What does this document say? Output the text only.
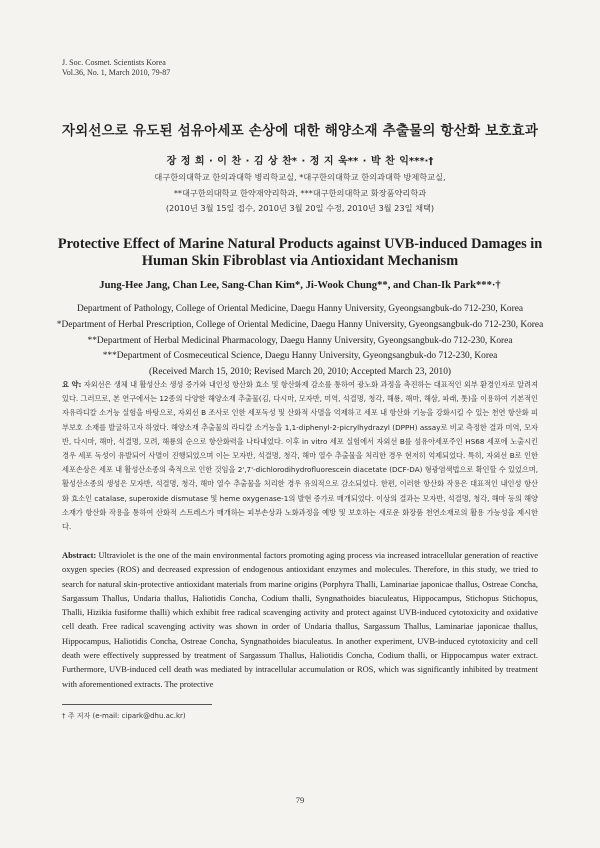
J. Soc. Cosmet. Scientists Korea
Vol.36, No. 1, March 2010, 79-87
자외선으로 유도된 섬유아세포 손상에 대한 해양소재 추출물의 항산화 보호효과
장 정 희 · 이 찬 · 김 상 찬* · 정 지 욱** · 박 찬 익***·†
대구한의대학교 한의과대학 병리학교실, *대구한의대학교 한의과대학 방제학교실,
**대구한의대학교 한약재약리학과, ***대구한의대학교 화장품약리학과
(2010년 3월 15일 접수, 2010년 3월 20일 수정, 2010년 3월 23일 채택)
Protective Effect of Marine Natural Products against UVB-induced Damages in
Human Skin Fibroblast via Antioxidant Mechanism
Jung-Hee Jang, Chan Lee, Sang-Chan Kim*, Ji-Wook Chung**, and Chan-Ik Park***·†
Department of Pathology, College of Oriental Medicine, Daegu Hanny University, Gyeongsangbuk-do 712-230, Korea
*Department of Herbal Prescription, College of Oriental Medicine, Daegu Hanny University, Gyeongsangbuk-do 712-230, Korea
**Department of Herbal Medicinal Pharmacology, Daegu Hanny University, Gyeongsangbuk-do 712-230, Korea
***Department of Cosmeceutical Science, Daegu Hanny University, Gyeongsangbuk-do 712-230, Korea
(Received March 15, 2010; Revised March 20, 2010; Accepted March 23, 2010)
요 약: 자외선은 생체 내 활성산소 생성 증가와 내인성 항산화 효소 및 항산화제 감소를 통하여 광노화 과정을 촉진하는 대표적인 외부 환경인자로 알려져 있다. 그러므로, 본 연구에서는 12종의 다양한 해양소재 추출물(김, 다시마, 모자반, 미역, 석결명, 청각, 해룡, 해마, 해삼, 파래, 톳)을 이용하여 기본적인 자유라디칼 소거능 실험을 바탕으로, 자외선 B 조사로 인한 세포독성 및 산화적 사멸을 억제하고 세포 내 항산화 기능을 강화시킬 수 있는 천연 항산화 피부보호 소재를 발굴하고자 하였다. 해양소재 추출물의 라디칼 소거능을 1,1-diphenyl-2-picrylhydrazyl (DPPH) assay로 비교 측정한 결과 미역, 모자반, 다시마, 해마, 석결명, 모려, 해룡의 순으로 항산화력을 나타내었다. 이후 in vitro 세포 실험에서 자외선 B를 섬유아세포주인 HS68 세포에 노출시킨 경우 세포 독성이 유발되어 사멸이 진행되었으며 이는 모자반, 석결명, 청각, 해마 열수 추출물을 처리한 경우 현저히 억제되었다. 특히, 자외선 B로 인한 세포손상은 세포 내 활성산소종의 축적으로 인한 것임을 2',7'-dichlorodihydrofluorescein diacetate (DCF-DA) 형광염색법으로 확인할 수 있었으며, 활성산소종의 생성은 모자반, 석결명, 청각, 해마 열수 추출물을 처리한 경우 유의적으로 감소되었다. 한편, 이러한 항산화 작용은 대표적인 내인성 항산화 효소인 catalase, superoxide dismutase 및 heme oxygenase-1의 발현 증가로 매개되었다. 이상의 결과는 모자반, 석결명, 청각, 해마 등의 해양소재가 항산화 작용을 통하여 산화적 스트레스가 매개하는 피부손상과 노화과정을 예방 및 보호하는 새로운 화장품 천연소재로의 활용 가능성을 제시한다.
Abstract: Ultraviolet is the one of the main environmental factors promoting aging process via increased intracellular generation of reactive oxygen species (ROS) and decreased expression of endogenous antioxidant enzymes and molecules. Therefore, in this study, we tried to search for natural skin-protective antioxidant materials from marine origins (Porphyra Thalli, Laminariae japonicae thallus, Ostreae Concha, Sargassum Thallus, Undaria thallus, Haliotidis Concha, Codium thalli, Syngnathoides biaculeatus, Hippocampus, Stichopus Stichopus, Thalli, Hizikia fusiforme thalli) which exhibit free radical scavenging activity and protect against UVB-induced cytotoxicity and oxidative cell death. Free radical scavenging activity was shown in order of Undaria thallus, Sargassum Thallus, Laminariae japonicae thallus, Hippocampus, Haliotidis Concha, Ostreae Concha, Syngnathoides biaculeatus. In another experiment, UVB-induced cytotoxicity and cell death were effectively suppressed by treatment of Sargassum Thallus, Haliotidis Concha, Codium thalli, or Hippocampus water extract. Furthermore, UVB-induced cell death was mediated by intracellular accumulation or ROS, which was significantly inhibited by treatment with aforementioned extracts. The protective
† 주 저자 (e-mail: cipark@dhu.ac.kr)
79
